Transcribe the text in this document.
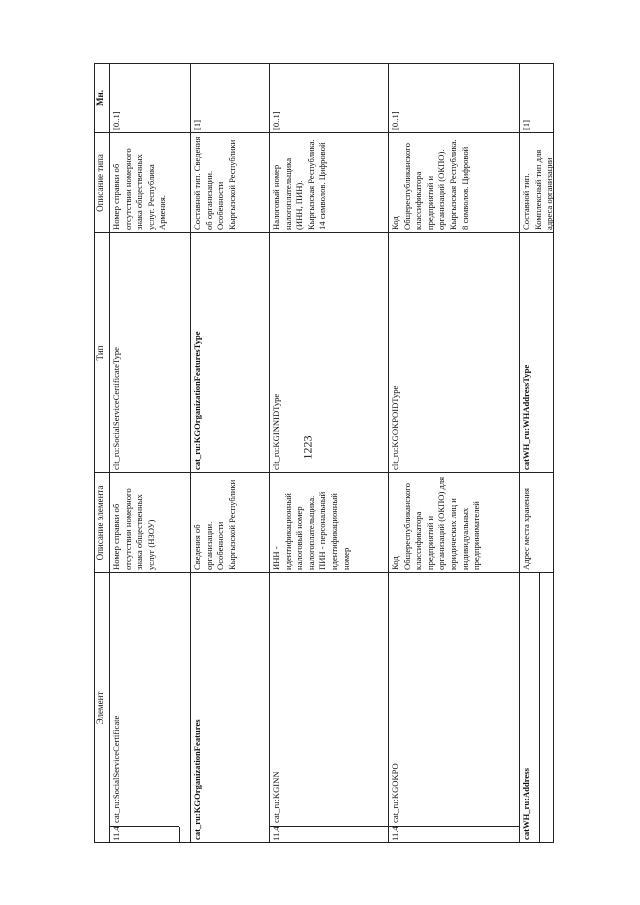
1223
Элемент
Описание элемента
Тип
Описание типа
Мн.
11.4
cat_ru:SocialServiceCertificate
Номер справки об отсутствии номерного знака общественных услуг (НЗОУ)
clt_ru:SocialServiceCertificateType
Номер справки об отсутствии номерного знака общественных услуг. Республика Армения.
[0..1]
cat_ru:KGOrganizationFeatures
Сведения об организации. Особенности Кыргызской Республики
cat_ru:KGOrganizationFeaturesType
Составной тип. Сведения об организации. Особенности Кыргызской Республики
[1]
11.4
cat_ru:KGINN
ИНН - идентификационный налоговый номер налогоплательщика. ПИН - персональный идентификационный номер
clt_ru:KGINNIDType
Налоговый номер налогоплательщика (ИНН, ПИН). Кыргызская Республика. 14 символов. Цифровой
[0..1]
11.4
cat_ru:KGOKPO
Код Общереспубликанского классификатора предприятий и организаций (ОКПО) для юридических лиц и индивидуальных предпринимателей
clt_ru:KGOKPOIDType
Код Общереспубликанского классификатора предприятий и организаций (ОКПО). Кыргызская Республика. 8 символов. Цифровой
[0..1]
catWH_ru:Address
Адрес места хранения
catWH_ru:WHAddressType
Составной тип. Комплексный тип для адреса организации
[1]
